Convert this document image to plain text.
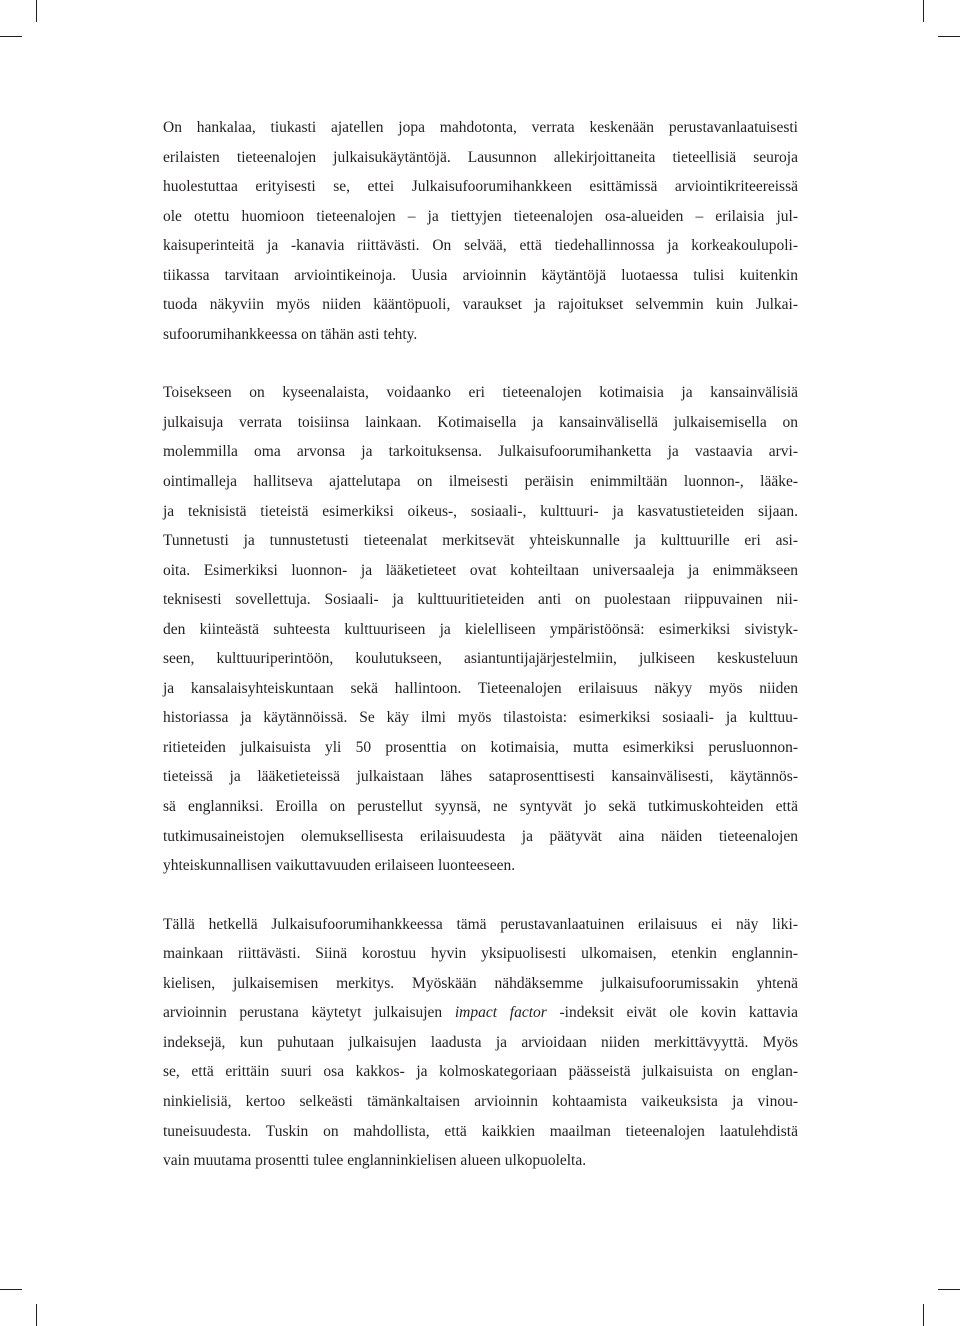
On hankalaa, tiukasti ajatellen jopa mahdotonta, verrata keskenään perustavanlaatuisesti
erilaisten tieteenalojen julkaisukäytäntöjä. Lausunnon allekirjoittaneita tieteellisiä seuroja
huolestuttaa erityisesti se, ettei Julkaisufoorumihankkeen esittämissä arviointikriteereissä
ole otettu huomioon tieteenalojen – ja tiettyjen tieteenalojen osa-alueiden – erilaisia jul-
kaisuperinteitä ja -kanavia riittävästi. On selvää, että tiedehallinnossa ja korkeakoulupoli-
tiikassa tarvitaan arviointikeinoja. Uusia arvioinnin käytäntöjä luotaessa tulisi kuitenkin
tuoda näkyviin myös niiden kääntöpuoli, varaukset ja rajoitukset selvemmin kuin Julkai-
sufoorumihankkeessa on tähän asti tehty.

Toisekseen on kyseenalaista, voidaanko eri tieteenalojen kotimaisia ja kansainvälisiä
julkaisuja verrata toisiinsa lainkaan. Kotimaisella ja kansainvälisellä julkaisemisella on
molemmilla oma arvonsa ja tarkoituksensa. Julkaisufoorumihanketta ja vastaavia arvi-
ointimalleja hallitseva ajattelutapa on ilmeisesti peräisin enimmiltään luonnon-, lääke-
ja teknisistä tieteistä esimerkiksi oikeus-, sosiaali-, kulttuuri- ja kasvatustieteiden sijaan.
Tunnetusti ja tunnustetusti tieteenalat merkitsevät yhteiskunnalle ja kulttuurille eri asi-
oita. Esimerkiksi luonnon- ja lääketieteet ovat kohteiltaan universaaleja ja enimmäkseen
teknisesti sovellettuja. Sosiaali- ja kulttuuritieteiden anti on puolestaan riippuvainen nii-
den kiinteästä suhteesta kulttuuriseen ja kielelliseen ympäristöönsä: esimerkiksi sivistyk-
seen, kulttuuriperintöön, koulutukseen, asiantuntijajärjestelmiin, julkiseen keskusteluun
ja kansalaisyhteiskuntaan sekä hallintoon. Tieteenalojen erilaisuus näkyy myös niiden
historiassa ja käytännöissä. Se käy ilmi myös tilastoista: esimerkiksi sosiaali- ja kulttuu-
ritieteiden julkaisuista yli 50 prosenttia on kotimaisia, mutta esimerkiksi perusluonnon-
tieteissä ja lääketieteissä julkaistaan lähes sataprosenttisesti kansainvälisesti, käytännös-
sä englanniksi. Eroilla on perustellut syynsä, ne syntyvät jo sekä tutkimuskohteiden että
tutkimusaineistojen olemuksellisesta erilaisuudesta ja päätyvät aina näiden tieteenalojen
yhteiskunnallisen vaikuttavuuden erilaiseen luonteeseen.

Tällä hetkellä Julkaisufoorumihankkeessa tämä perustavanlaatuinen erilaisuus ei näy liki-
mainkaan riittävästi. Siinä korostuu hyvin yksipuolisesti ulkomaisen, etenkin englannin-
kielisen, julkaisemisen merkitys. Myöskään nähdäksemme julkaisufoorumissakin yhtenä
arvioinnin perustana käytetyt julkaisujen impact factor -indeksit eivät ole kovin kattavia
indeksejä, kun puhutaan julkaisujen laadusta ja arvioidaan niiden merkittävyyttä. Myös
se, että erittäin suuri osa kakkos- ja kolmoskategoriaan päässeistä julkaisuista on englan-
ninkielisiä, kertoo selkeästi tämänkaltaisen arvioinnin kohtaamista vaikeuksista ja vinou-
tuneisuudesta. Tuskin on mahdollista, että kaikkien maailman tieteenalojen laatulehdistä
vain muutama prosentti tulee englanninkielisen alueen ulkopuolelta.
